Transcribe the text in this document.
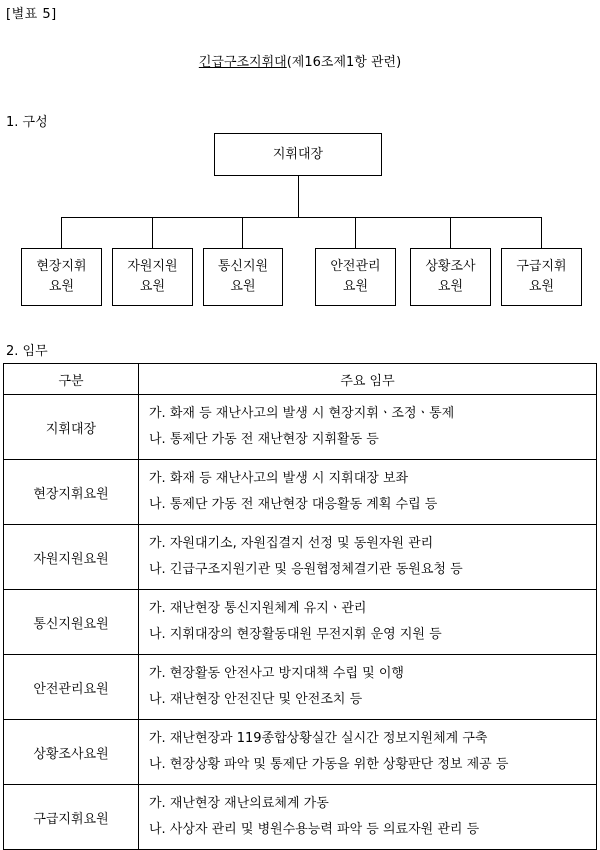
[별표 5]
긴급구조지휘대(제16조제1항 관련)
1. 구성
지휘대장
현장지휘
요원
자원지원
요원
통신지원
요원
안전관리
요원
상황조사
요원
구급지휘
요원
2. 임무
구분	주요 임무
지휘대장	가. 화재 등 재난사고의 발생 시 현장지휘ㆍ조정ㆍ통제
나. 통제단 가동 전 재난현장 지휘활동 등

현장지휘요원	가. 화재 등 재난사고의 발생 시 지휘대장 보좌
나. 통제단 가동 전 재난현장 대응활동 계획 수립 등

자원지원요원	가. 자원대기소, 자원집결지 선정 및 동원자원 관리
나. 긴급구조지원기관 및 응원협정체결기관 동원요청 등

통신지원요원	가. 재난현장 통신지원체계 유지ㆍ관리
나. 지휘대장의 현장활동대원 무전지휘 운영 지원 등

안전관리요원	가. 현장활동 안전사고 방지대책 수립 및 이행
나. 재난현장 안전진단 및 안전조치 등

상황조사요원	가. 재난현장과 119종합상황실간 실시간 정보지원체계 구축
나. 현장상황 파악 및 통제단 가동을 위한 상황판단 정보 제공 등

구급지휘요원	가. 재난현장 재난의료체계 가동
나. 사상자 관리 및 병원수용능력 파악 등 의료자원 관리 등
